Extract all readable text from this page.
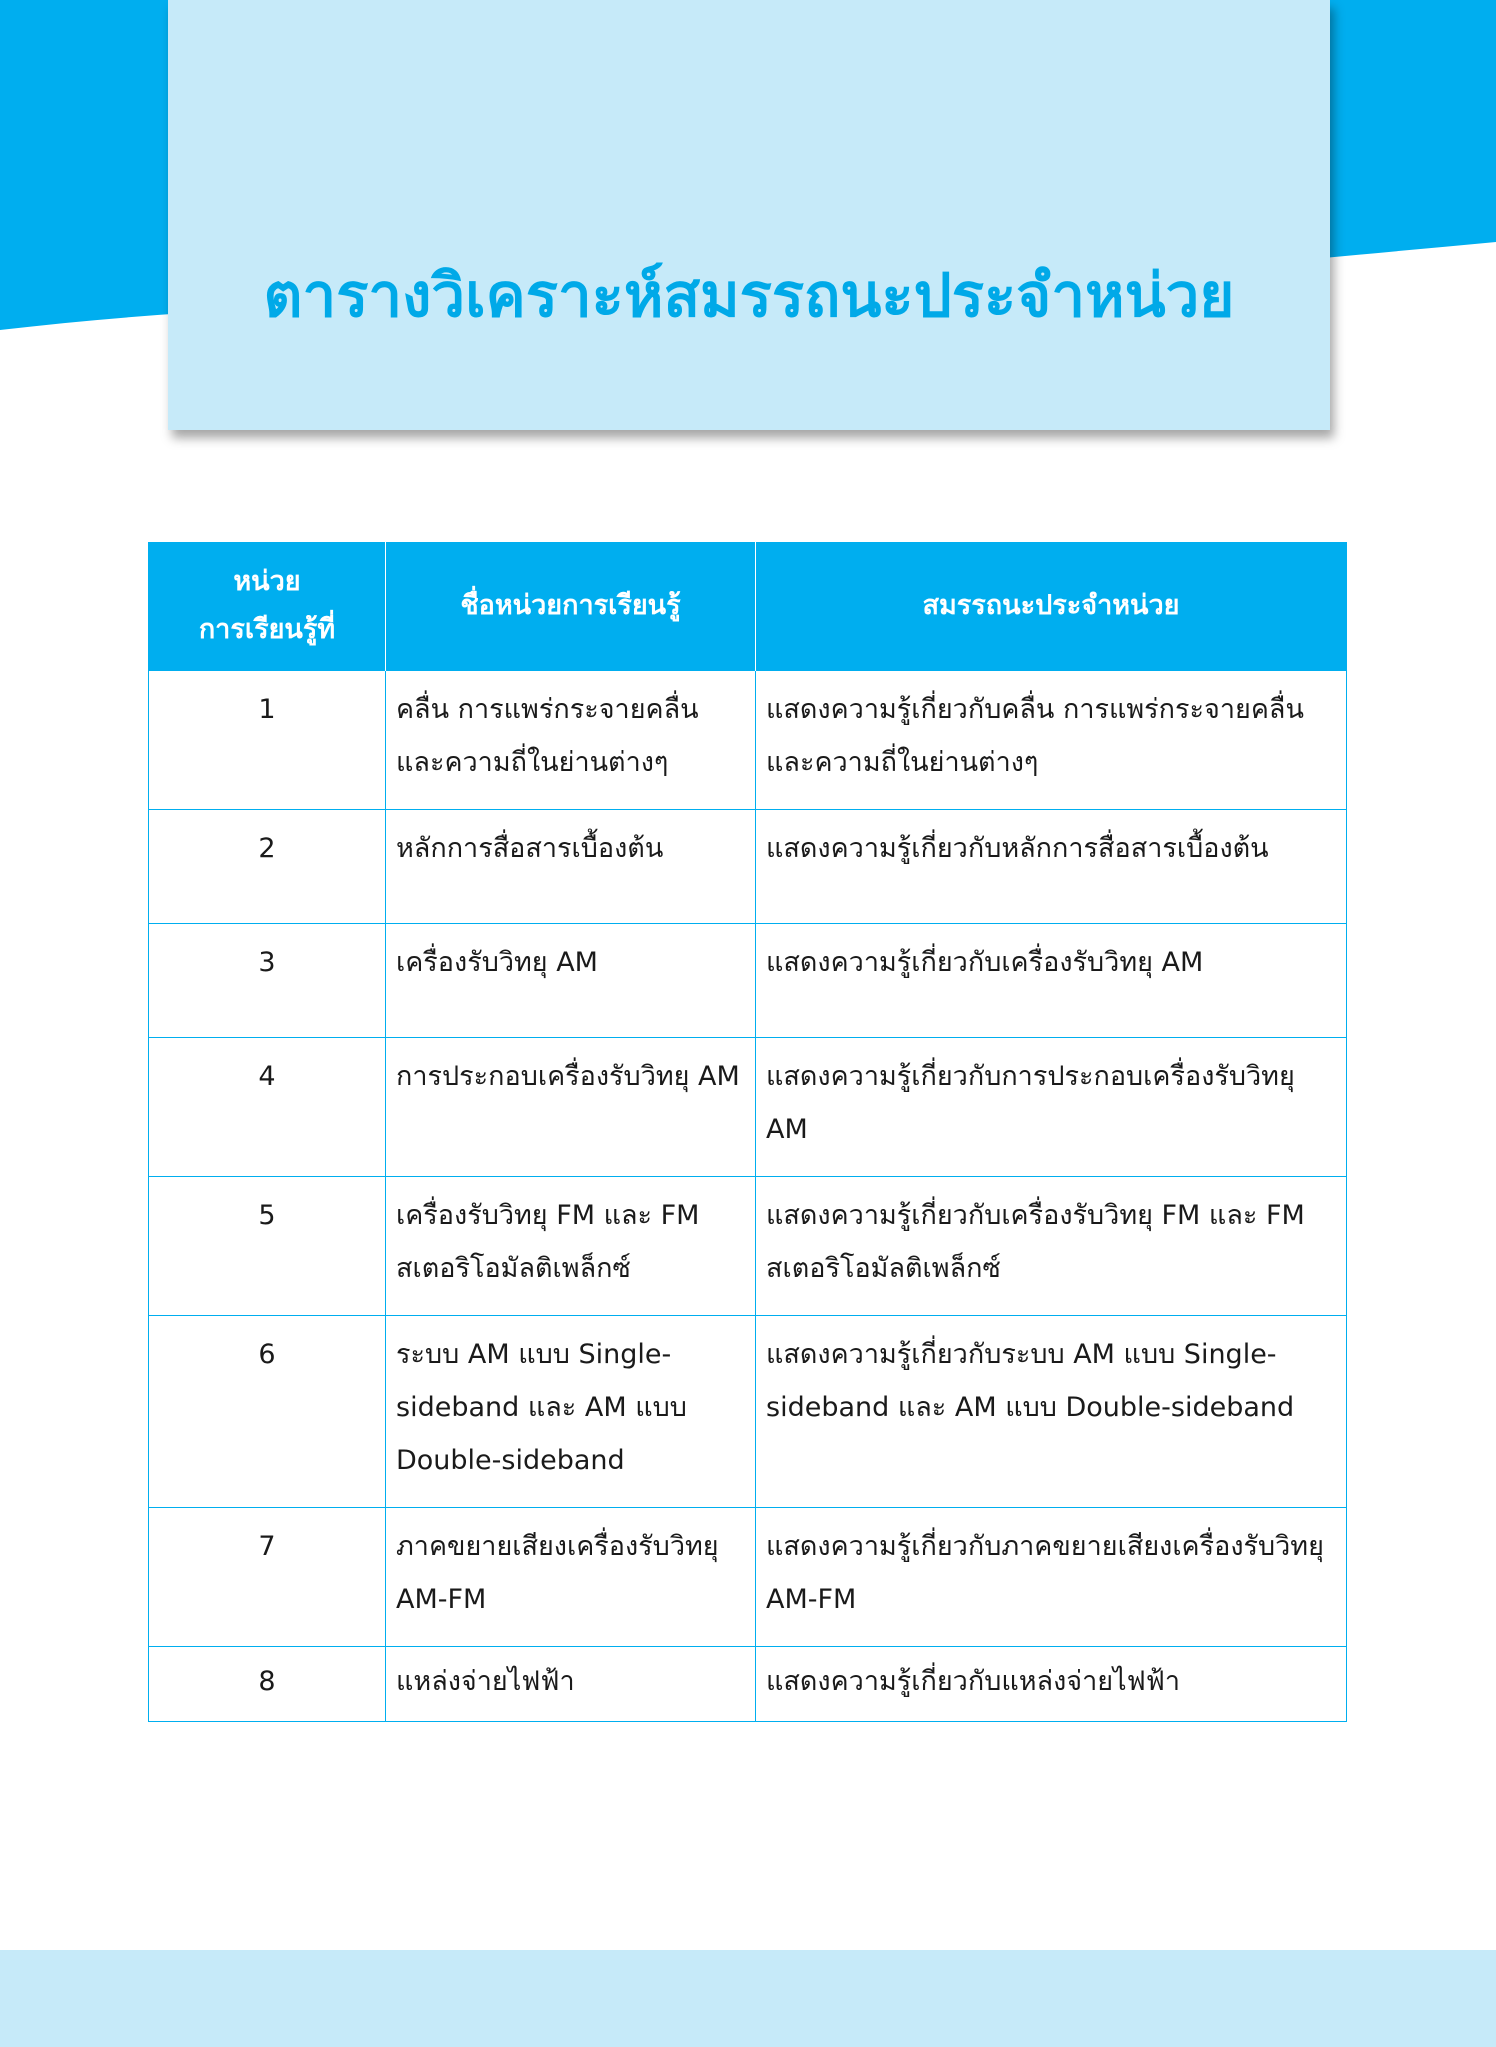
ตารางวิเคราะห์สมรรถนะประจำหน่วย
หน่วย
การเรียนรู้ที่	ชื่อหน่วยการเรียนรู้	สมรรถนะประจำหน่วย
1	คลื่น การแพร่กระจายคลื่นและความถี่ในย่านต่างๆ	แสดงความรู้เกี่ยวกับคลื่น การแพร่กระจายคลื่นและความถี่ในย่านต่างๆ
2	หลักการสื่อสารเบื้องต้น	แสดงความรู้เกี่ยวกับหลักการสื่อสารเบื้องต้น
3	เครื่องรับวิทยุ AM	แสดงความรู้เกี่ยวกับเครื่องรับวิทยุ AM
4	การประกอบเครื่องรับวิทยุ AM	แสดงความรู้เกี่ยวกับการประกอบเครื่องรับวิทยุ AM
5	เครื่องรับวิทยุ FM และ FM สเตอริโอมัลติเพล็กซ์	แสดงความรู้เกี่ยวกับเครื่องรับวิทยุ FM และ FM สเตอริโอมัลติเพล็กซ์
6	ระบบ AM แบบ Single-sideband และ AM แบบ Double-sideband	แสดงความรู้เกี่ยวกับระบบ AM แบบ Single-sideband และ AM แบบ Double-sideband
7	ภาคขยายเสียงเครื่องรับวิทยุ AM-FM	แสดงความรู้เกี่ยวกับภาคขยายเสียงเครื่องรับวิทยุ AM-FM
8	แหล่งจ่ายไฟฟ้า	แสดงความรู้เกี่ยวกับแหล่งจ่ายไฟฟ้า
